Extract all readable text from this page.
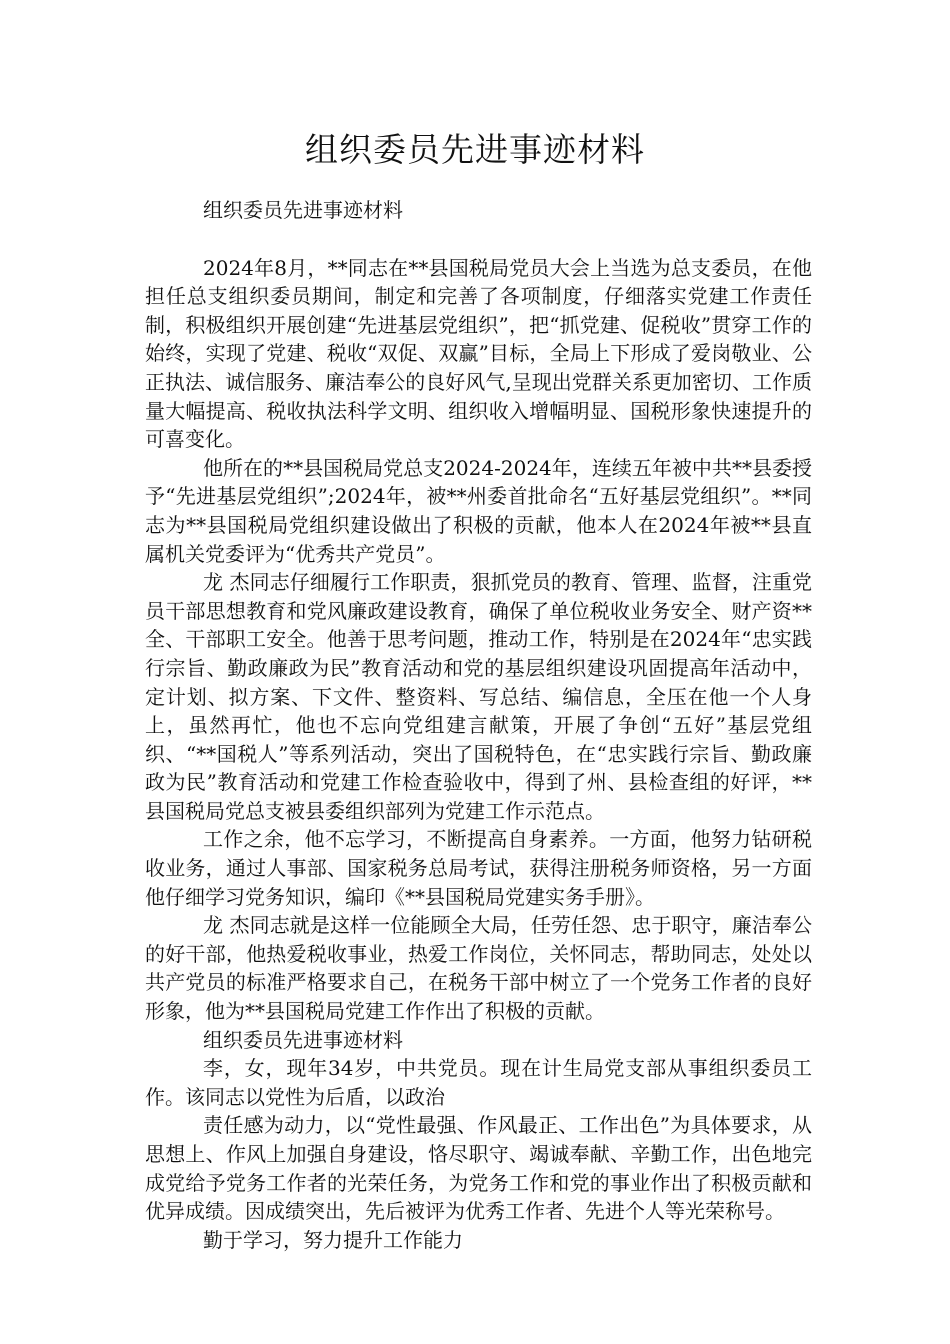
组织委员先进事迹材料

组织委员先进事迹材料

2024年8月，**同志在**县国税局党员大会上当选为总支委员，在他担任总支组织委员期间，制定和完善了各项制度，仔细落实党建工作责任制，积极组织开展创建“先进基层党组织”，把“抓党建、促税收”贯穿工作的始终，实现了党建、税收“双促、双赢”目标，全局上下形成了爱岗敬业、公正执法、诚信服务、廉洁奉公的良好风气,呈现出党群关系更加密切、工作质量大幅提高、税收执法科学文明、组织收入增幅明显、国税形象快速提升的可喜变化。

他所在的**县国税局党总支2024-2024年，连续五年被中共**县委授予“先进基层党组织”;2024年，被**州委首批命名“五好基层党组织”。**同志为**县国税局党组织建设做出了积极的贡献，他本人在2024年被**县直属机关党委评为“优秀共产党员”。

龙 杰同志仔细履行工作职责，狠抓党员的教育、管理、监督，注重党员干部思想教育和党风廉政建设教育，确保了单位税收业务安全、财产资**全、干部职工安全。他善于思考问题，推动工作，特别是在2024年“忠实践行宗旨、勤政廉政为民”教育活动和党的基层组织建设巩固提高年活动中，定计划、拟方案、下文件、整资料、写总结、编信息，全压在他一个人身上，虽然再忙，他也不忘向党组建言献策，开展了争创“五好”基层党组织、“**国税人”等系列活动，突出了国税特色，在“忠实践行宗旨、勤政廉政为民”教育活动和党建工作检查验收中，得到了州、县检查组的好评，**县国税局党总支被县委组织部列为党建工作示范点。

工作之余，他不忘学习，不断提高自身素养。一方面，他努力钻研税收业务，通过人事部、国家税务总局考试，获得注册税务师资格，另一方面他仔细学习党务知识，编印《**县国税局党建实务手册》。

龙 杰同志就是这样一位能顾全大局，任劳任怨、忠于职守，廉洁奉公的好干部，他热爱税收事业，热爱工作岗位，关怀同志，帮助同志，处处以共产党员的标准严格要求自己，在税务干部中树立了一个党务工作者的良好形象，他为**县国税局党建工作作出了积极的贡献。

组织委员先进事迹材料

李，女，现年34岁，中共党员。现在计生局党支部从事组织委员工作。该同志以党性为后盾，以政治

责任感为动力，以“党性最强、作风最正、工作出色”为具体要求，从思想上、作风上加强自身建设，恪尽职守、竭诚奉献、辛勤工作，出色地完成党给予党务工作者的光荣任务，为党务工作和党的事业作出了积极贡献和优异成绩。因成绩突出，先后被评为优秀工作者、先进个人等光荣称号。

勤于学习，努力提升工作能力
